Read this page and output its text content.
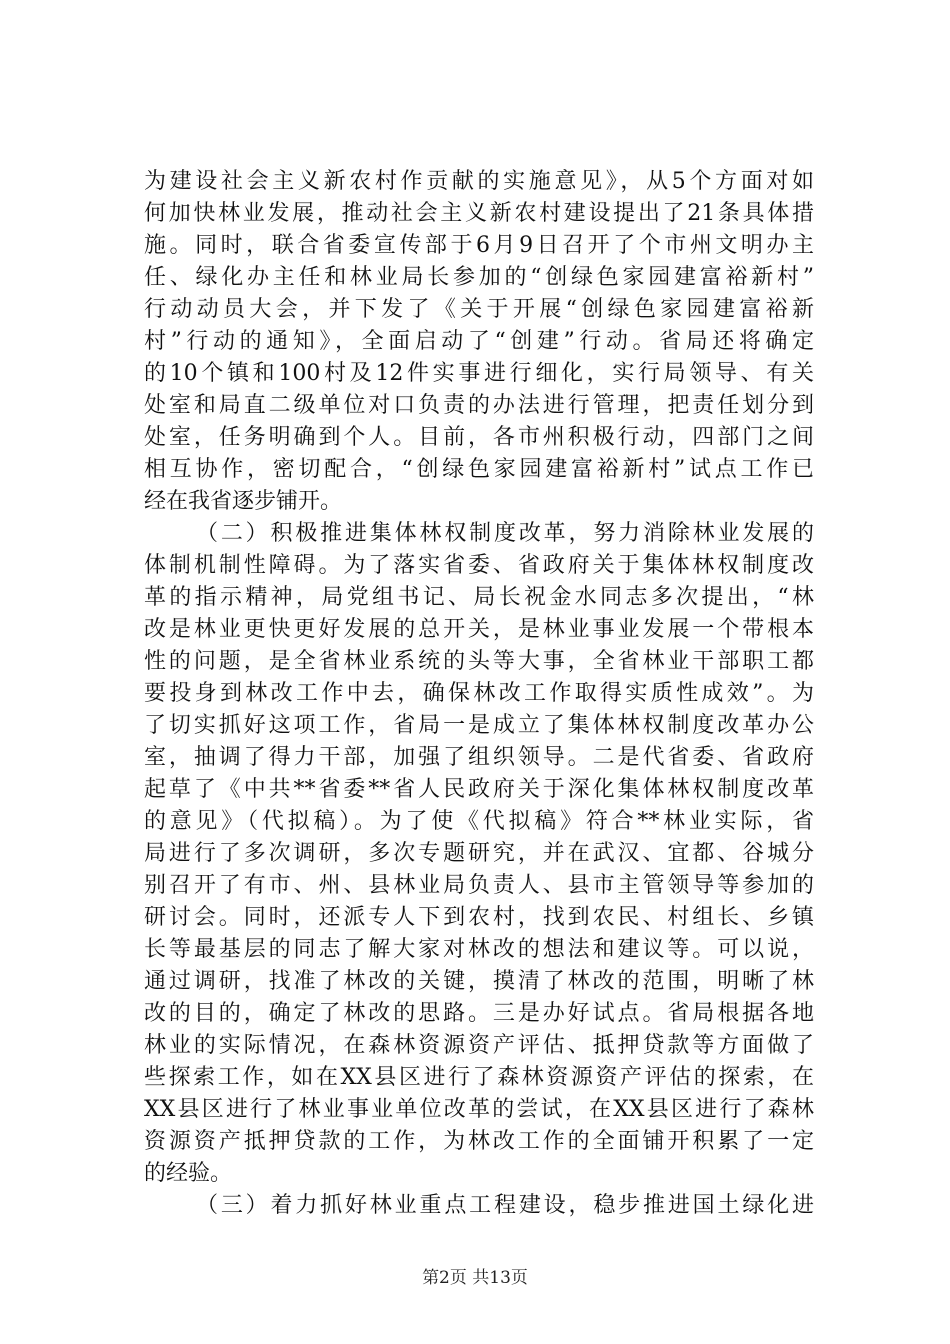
为建设社会主义新农村作贡献的实施意见》，从5个方面对如
何加快林业发展，推动社会主义新农村建设提出了21条具体措
施。同时，联合省委宣传部于6月9日召开了个市州文明办主
任、绿化办主任和林业局长参加的“创绿色家园建富裕新村”
行动动员大会，并下发了《关于开展“创绿色家园建富裕新
村”行动的通知》，全面启动了“创建”行动。省局还将确定
的10个镇和100村及12件实事进行细化，实行局领导、有关
处室和局直二级单位对口负责的办法进行管理，把责任划分到
处室，任务明确到个人。目前，各市州积极行动，四部门之间
相互协作，密切配合，“创绿色家园建富裕新村”试点工作已
经在我省逐步铺开。
（二）积极推进集体林权制度改革，努力消除林业发展的
体制机制性障碍。为了落实省委、省政府关于集体林权制度改
革的指示精神，局党组书记、局长祝金水同志多次提出，“林
改是林业更快更好发展的总开关，是林业事业发展一个带根本
性的问题，是全省林业系统的头等大事，全省林业干部职工都
要投身到林改工作中去，确保林改工作取得实质性成效”。为
了切实抓好这项工作，省局一是成立了集体林权制度改革办公
室，抽调了得力干部，加强了组织领导。二是代省委、省政府
起草了《中共**省委**省人民政府关于深化集体林权制度改革
的意见》（代拟稿）。为了使《代拟稿》符合**林业实际，省
局进行了多次调研，多次专题研究，并在武汉、宜都、谷城分
别召开了有市、州、县林业局负责人、县市主管领导等参加的
研讨会。同时，还派专人下到农村，找到农民、村组长、乡镇
长等最基层的同志了解大家对林改的想法和建议等。可以说，
通过调研，找准了林改的关键，摸清了林改的范围，明晰了林
改的目的，确定了林改的思路。三是办好试点。省局根据各地
林业的实际情况，在森林资源资产评估、抵押贷款等方面做了
些探索工作，如在XX县区进行了森林资源资产评估的探索，在
XX县区进行了林业事业单位改革的尝试，在XX县区进行了森林
资源资产抵押贷款的工作，为林改工作的全面铺开积累了一定
的经验。
（三）着力抓好林业重点工程建设，稳步推进国土绿化进
第2页 共13页
